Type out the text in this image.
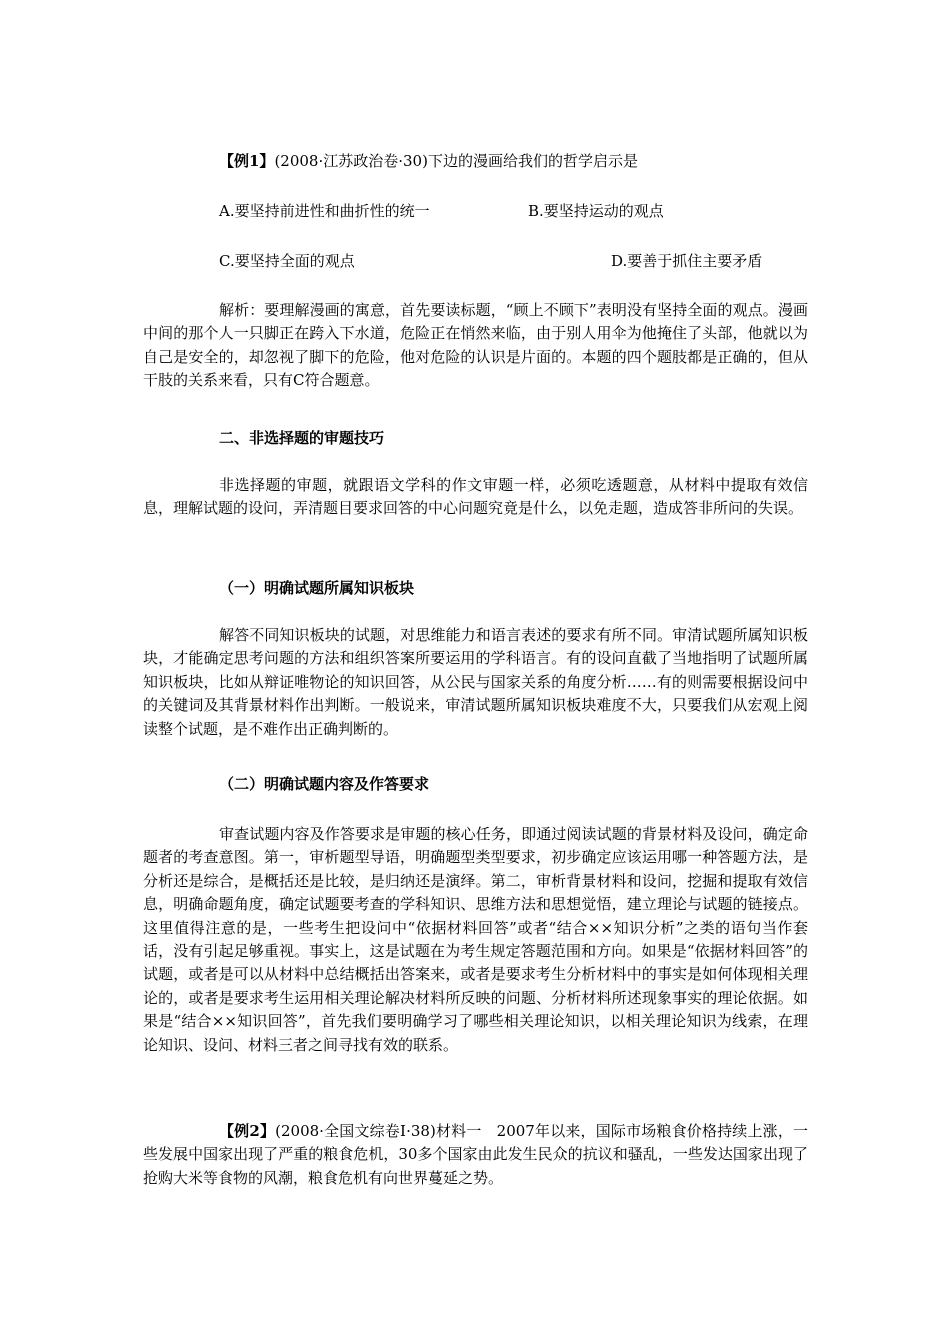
【例1】(2008·江苏政治卷·30)下边的漫画给我们的哲学启示是
A.要坚持前进性和曲折性的统一	B.要坚持运动的观点
C.要坚持全面的观点	D.要善于抓住主要矛盾
解析：要理解漫画的寓意，首先要读标题，“顾上不顾下”表明没有坚持全面的观点。漫画中间的那个人一只脚正在跨入下水道，危险正在悄然来临，由于别人用伞为他掩住了头部，他就以为自己是安全的，却忽视了脚下的危险，他对危险的认识是片面的。本题的四个题肢都是正确的，但从干肢的关系来看，只有C符合题意。
二、非选择题的审题技巧
非选择题的审题，就跟语文学科的作文审题一样，必须吃透题意，从材料中提取有效信息，理解试题的设问，弄清题目要求回答的中心问题究竟是什么，以免走题，造成答非所问的失误。
（一）明确试题所属知识板块
解答不同知识板块的试题，对思维能力和语言表述的要求有所不同。审清试题所属知识板块，才能确定思考问题的方法和组织答案所要运用的学科语言。有的设问直截了当地指明了试题所属知识板块，比如从辩证唯物论的知识回答，从公民与国家关系的角度分析……有的则需要根据设问中的关键词及其背景材料作出判断。一般说来，审清试题所属知识板块难度不大，只要我们从宏观上阅读整个试题，是不难作出正确判断的。
（二）明确试题内容及作答要求
审查试题内容及作答要求是审题的核心任务，即通过阅读试题的背景材料及设问，确定命题者的考查意图。第一，审析题型导语，明确题型类型要求，初步确定应该运用哪一种答题方法，是分析还是综合，是概括还是比较，是归纳还是演绎。第二，审析背景材料和设问，挖掘和提取有效信息，明确命题角度，确定试题要考查的学科知识、思维方法和思想觉悟，建立理论与试题的链接点。这里值得注意的是，一些考生把设问中“依据材料回答”或者“结合××知识分析”之类的语句当作套话，没有引起足够重视。事实上，这是试题在为考生规定答题范围和方向。如果是“依据材料回答”的试题，或者是可以从材料中总结概括出答案来，或者是要求考生分析材料中的事实是如何体现相关理论的，或者是要求考生运用相关理论解决材料所反映的问题、分析材料所述现象事实的理论依据。如果是“结合××知识回答”，首先我们要明确学习了哪些相关理论知识，以相关理论知识为线索，在理论知识、设问、材料三者之间寻找有效的联系。
【例2】(2008·全国文综卷Ⅰ·38)材料一　2007年以来，国际市场粮食价格持续上涨，一些发展中国家出现了严重的粮食危机，30多个国家由此发生民众的抗议和骚乱，一些发达国家出现了抢购大米等食物的风潮，粮食危机有向世界蔓延之势。
